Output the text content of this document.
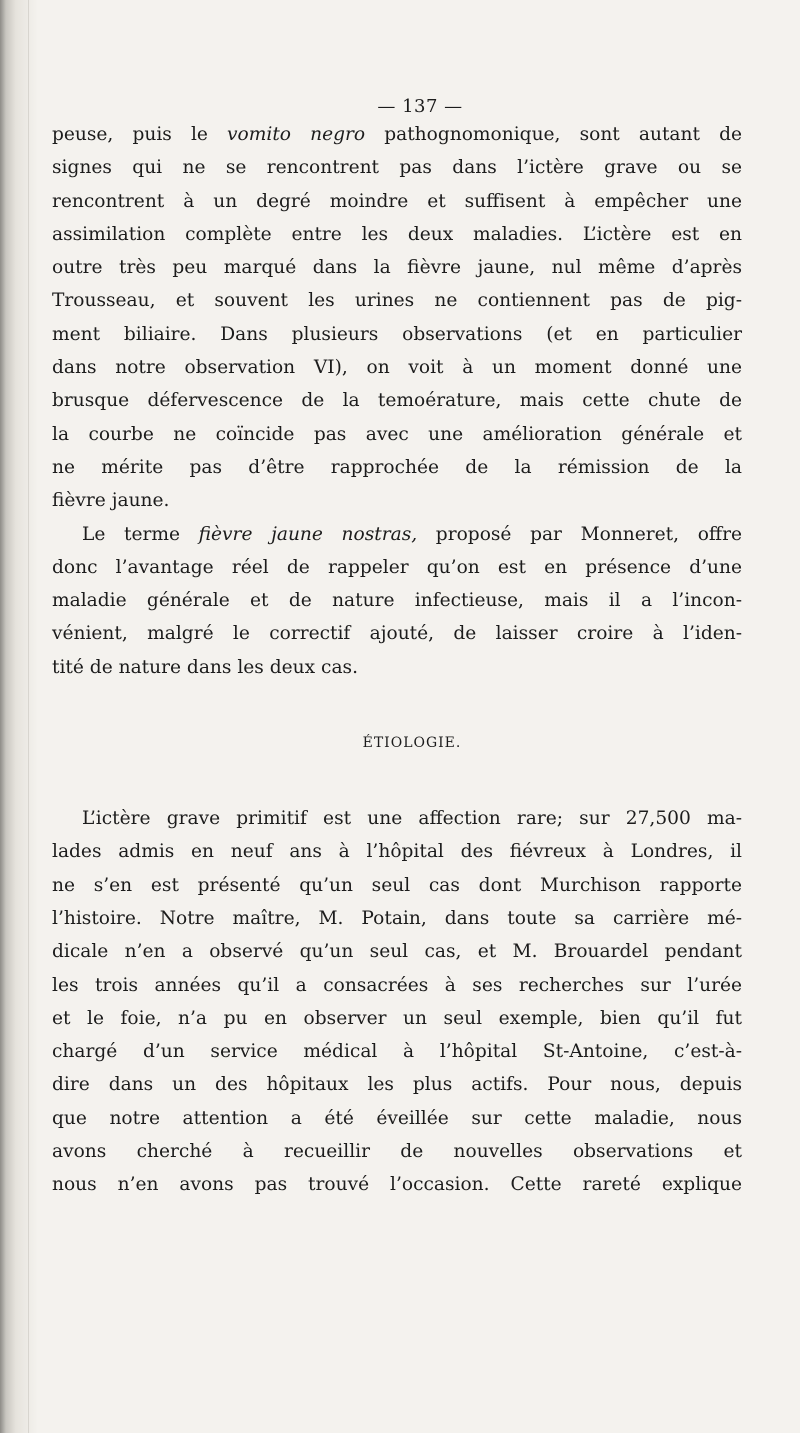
— 137 —
peuse, puis le vomito negro pathognomonique, sont autant de
signes qui ne se rencontrent pas dans l’ictère grave ou se
rencontrent à un degré moindre et suffisent à empêcher une
assimilation complète entre les deux maladies. L’ictère est en
outre très peu marqué dans la fièvre jaune, nul même d’après
Trousseau, et souvent les urines ne contiennent pas de pig-
ment biliaire. Dans plusieurs observations (et en particulier
dans notre observation VI), on voit à un moment donné une
brusque défervescence de la temoérature, mais cette chute de
la courbe ne coïncide pas avec une amélioration générale et
ne mérite pas d’être rapprochée de la rémission de la
fièvre jaune.
Le terme fièvre jaune nostras, proposé par Monneret, offre
donc l’avantage réel de rappeler qu’on est en présence d’une
maladie générale et de nature infectieuse, mais il a l’incon-
vénient, malgré le correctif ajouté, de laisser croire à l’iden-
tité de nature dans les deux cas.
ÉTIOLOGIE.
L’ictère grave primitif est une affection rare; sur 27,500 ma-
lades admis en neuf ans à l’hôpital des fiévreux à Londres, il
ne s’en est présenté qu’un seul cas dont Murchison rapporte
l’histoire. Notre maître, M. Potain, dans toute sa carrière mé-
dicale n’en a observé qu’un seul cas, et M. Brouardel pendant
les trois années qu’il a consacrées à ses recherches sur l’urée
et le foie, n’a pu en observer un seul exemple, bien qu’il fut
chargé d’un service médical à l’hôpital St-Antoine, c’est-à-
dire dans un des hôpitaux les plus actifs. Pour nous, depuis
que notre attention a été éveillée sur cette maladie, nous
avons cherché à recueillir de nouvelles observations et
nous n’en avons pas trouvé l’occasion. Cette rareté explique
